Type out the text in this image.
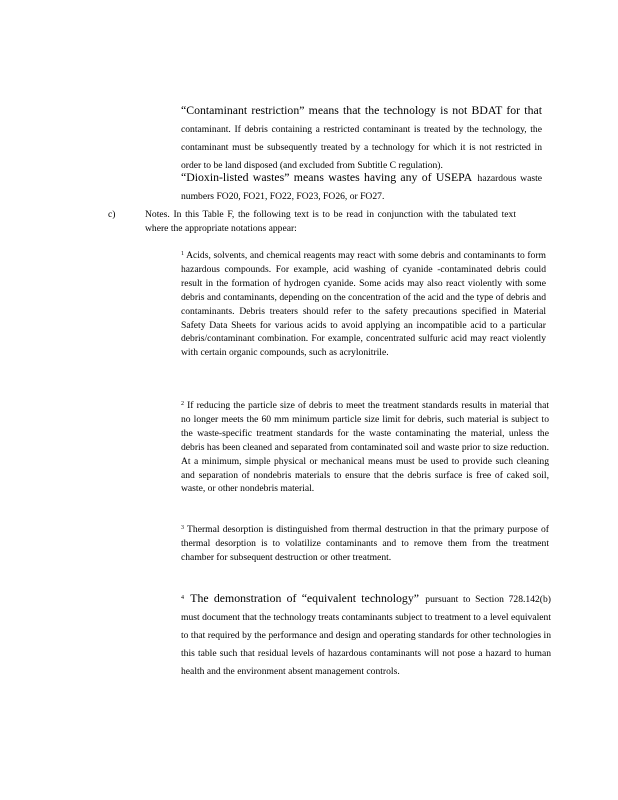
“Contaminant restriction” means that the technology is not BDAT for that contaminant. If debris containing a restricted contaminant is treated by the technology, the contaminant must be subsequently treated by a technology for which it is not restricted in order to be land disposed (and excluded from Subtitle C regulation).
“Dioxin-listed wastes” means wastes having any of USEPA hazardous waste numbers FO20, FO21, FO22, FO23, FO26, or FO27.
c)	Notes. In this Table F, the following text is to be read in conjunction with the tabulated text where the appropriate notations appear:
$^1$ Acids, solvents, and chemical reagents may react with some debris and contaminants to form hazardous compounds. For example, acid washing of cyanide -contaminated debris could result in the formation of hydrogen cyanide. Some acids may also react violently with some debris and contaminants, depending on the concentration of the acid and the type of debris and contaminants. Debris treaters should refer to the safety precautions specified in Material Safety Data Sheets for various acids to avoid applying an incompatible acid to a particular debris/contaminant combination. For example, concentrated sulfuric acid may react violently with certain organic compounds, such as acrylonitrile.
$^2$ If reducing the particle size of debris to meet the treatment standards results in material that no longer meets the 60 mm minimum particle size limit for debris, such material is subject to the waste-specific treatment standards for the waste contaminating the material, unless the debris has been cleaned and separated from contaminated soil and waste prior to size reduction. At a minimum, simple physical or mechanical means must be used to provide such cleaning and separation of nondebris materials to ensure that the debris surface is free of caked soil, waste, or other nondebris material.
$^3$ Thermal desorption is distinguished from thermal destruction in that the primary purpose of thermal desorption is to volatilize contaminants and to remove them from the treatment chamber for subsequent destruction or other treatment.
$^4$ The demonstration of “equivalent technology” pursuant to Section 728.142(b) must document that the technology treats contaminants subject to treatment to a level equivalent to that required by the performance and design and operating standards for other technologies in this table such that residual levels of hazardous contaminants will not pose a hazard to human health and the environment absent management controls.
